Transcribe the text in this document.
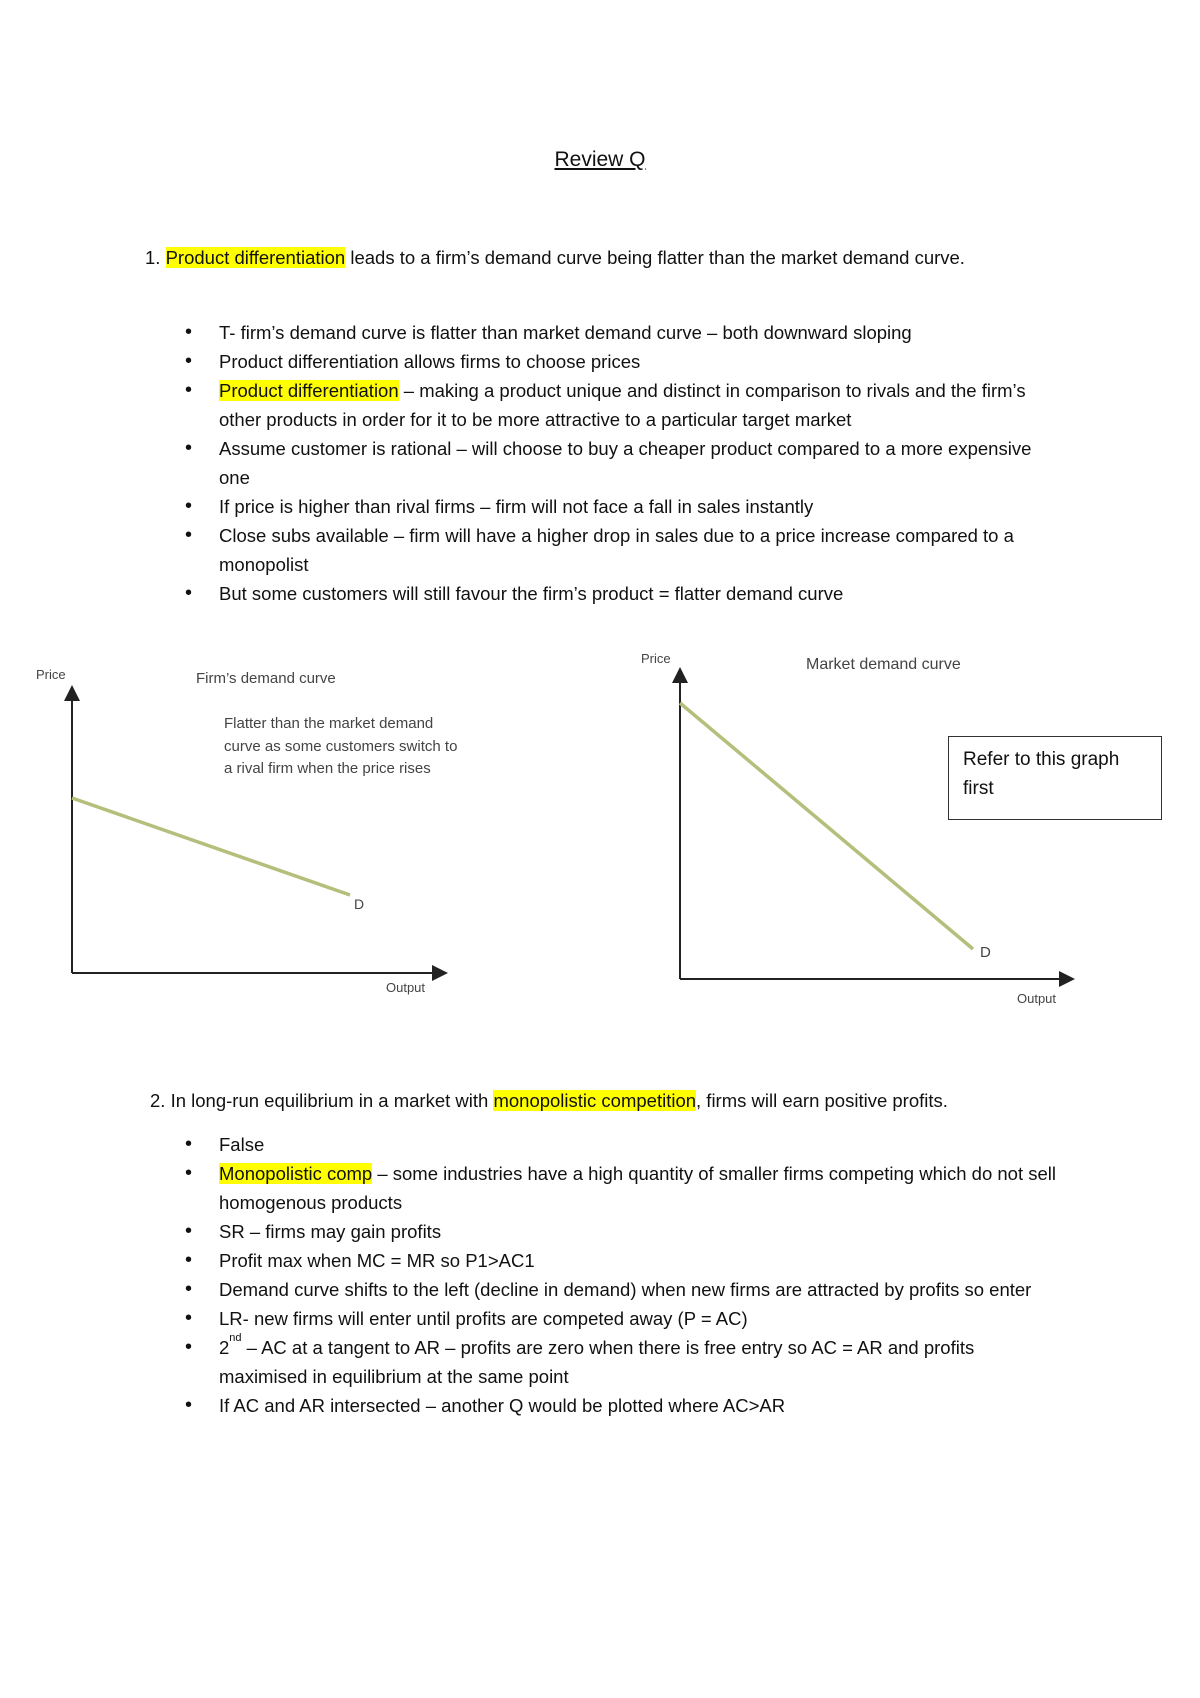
Review Q
1. Product differentiation leads to a firm’s demand curve being flatter than the market demand curve.
• T- firm’s demand curve is flatter than market demand curve – both downward sloping
• Product differentiation allows firms to choose prices
• Product differentiation – making a product unique and distinct in comparison to rivals and the firm’s other products in order for it to be more attractive to a particular target market
• Assume customer is rational – will choose to buy a cheaper product compared to a more expensive one
• If price is higher than rival firms – firm will not face a fall in sales instantly
• Close subs available – firm will have a higher drop in sales due to a price increase compared to a monopolist
• But some customers will still favour the firm’s product = flatter demand curve
Price	Firm’s demand curve
Flatter than the market demand
curve as some customers switch to
a rival firm when the price rises
D
Output
Price	Market demand curve
D
Output
Refer to this graph
first
2. In long-run equilibrium in a market with monopolistic competition, firms will earn positive profits.
• False
• Monopolistic comp – some industries have a high quantity of smaller firms competing which do not sell homogenous products
• SR – firms may gain profits
• Profit max when MC = MR so P1>AC1
• Demand curve shifts to the left (decline in demand) when new firms are attracted by profits so enter
• LR- new firms will enter until profits are competed away (P = AC)
• 2nd – AC at a tangent to AR – profits are zero when there is free entry so AC = AR and profits maximised in equilibrium at the same point
• If AC and AR intersected – another Q would be plotted where AC>AR
